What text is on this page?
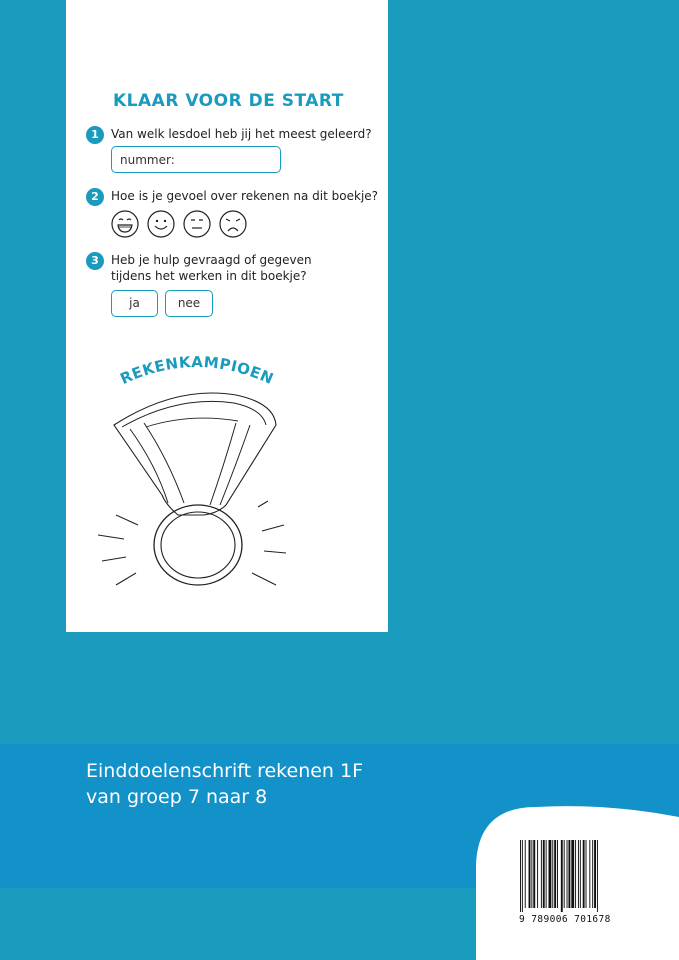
KLAAR VOOR DE START
1	Van welk lesdoel heb jij het meest geleerd?
nummer:
2	Hoe is je gevoel over rekenen na dit boekje?
3	Heb je hulp gevraagd of gegeven
tijdens het werken in dit boekje?
ja	nee
REKENKAMPIOEN
Einddoelenschrift rekenen 1F
van groep 7 naar 8
9 789006 701678
